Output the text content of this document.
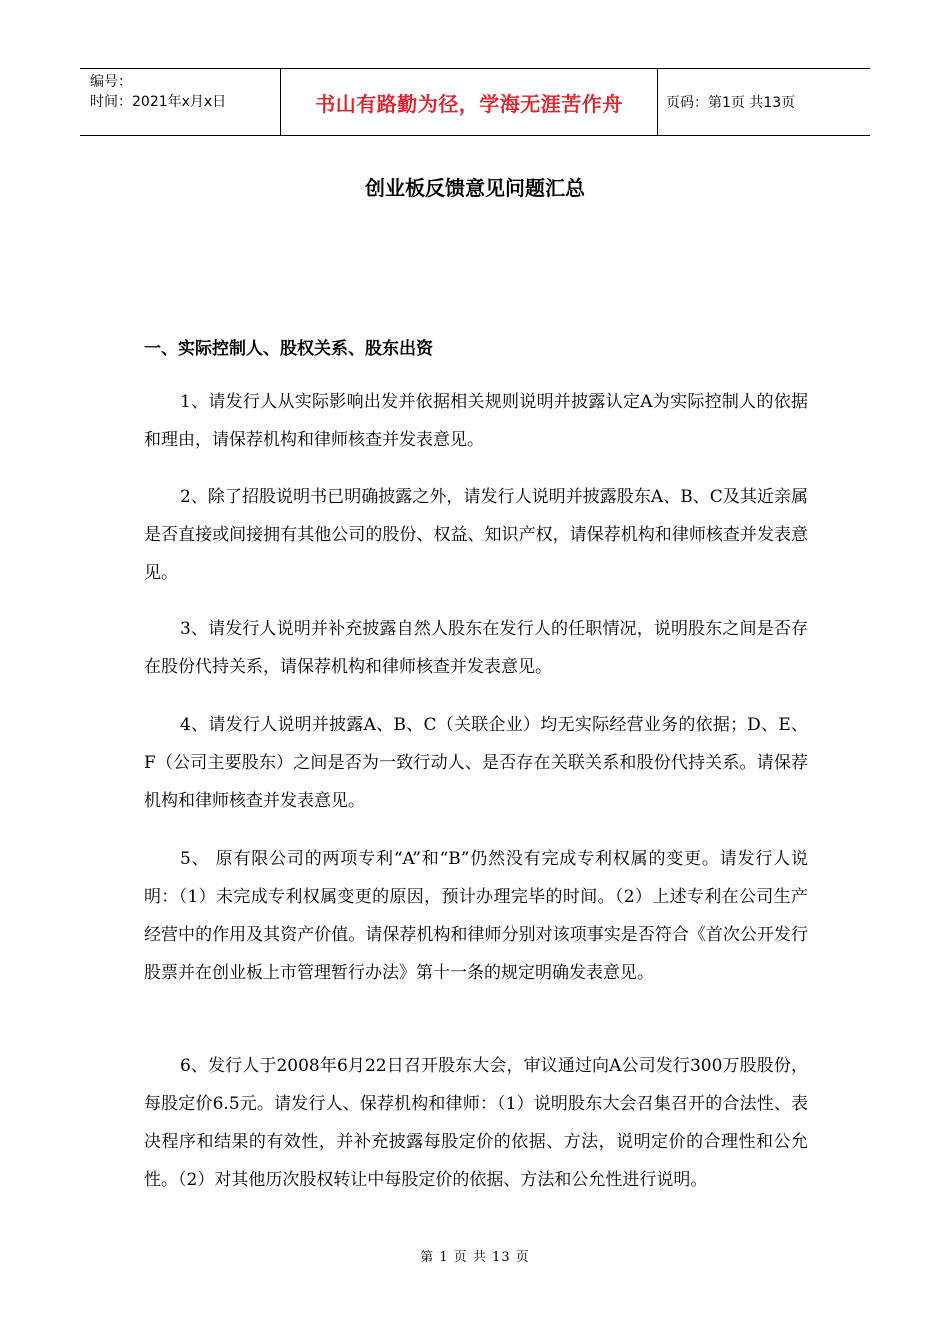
编号：
时间：2021年x月x日	书山有路勤为径，学海无涯苦作舟	页码：第1页 共13页
创业板反馈意见问题汇总
一、实际控制人、股权关系、股东出资

1、请发行人从实际影响出发并依据相关规则说明并披露认定A为实际控制人的依据和理由，请保荐机构和律师核查并发表意见。

2、除了招股说明书已明确披露之外，请发行人说明并披露股东A、B、C及其近亲属是否直接或间接拥有其他公司的股份、权益、知识产权，请保荐机构和律师核查并发表意见。

3、请发行人说明并补充披露自然人股东在发行人的任职情况，说明股东之间是否存在股份代持关系，请保荐机构和律师核查并发表意见。

4、请发行人说明并披露A、B、C（关联企业）均无实际经营业务的依据；D、E、F（公司主要股东）之间是否为一致行动人、是否存在关联关系和股份代持关系。请保荐机构和律师核查并发表意见。

5、 原有限公司的两项专利“A”和“B”仍然没有完成专利权属的变更。请发行人说明：（1）未完成专利权属变更的原因，预计办理完毕的时间。（2）上述专利在公司生产经营中的作用及其资产价值。请保荐机构和律师分别对该项事实是否符合《首次公开发行股票并在创业板上市管理暂行办法》第十一条的规定明确发表意见。

6、发行人于2008年6月22日召开股东大会，审议通过向A公司发行300万股股份，每股定价6.5元。请发行人、保荐机构和律师：（1）说明股东大会召集召开的合法性、表决程序和结果的有效性，并补充披露每股定价的依据、方法，说明定价的合理性和公允性。（2）对其他历次股权转让中每股定价的依据、方法和公允性进行说明。

第 1 页 共 13 页
